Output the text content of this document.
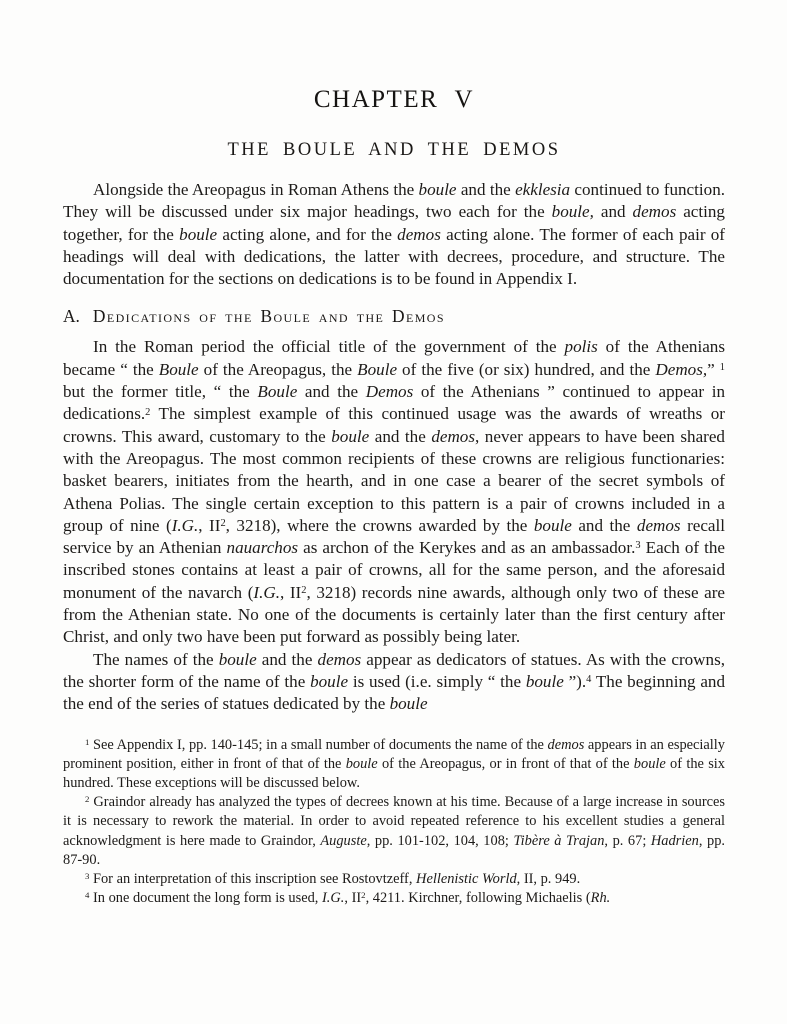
CHAPTER V
THE BOULE AND THE DEMOS

Alongside the Areopagus in Roman Athens the boule and the ekklesia continued to function. They will be discussed under six major headings, two each for the boule, and demos acting together, for the boule acting alone, and for the demos acting alone. The former of each pair of headings will deal with dedications, the latter with decrees, procedure, and structure. The documentation for the sections on dedications is to be found in Appendix I.

A. Dedications of the Boule and the Demos

In the Roman period the official title of the government of the polis of the Athenians became “ the Boule of the Areopagus, the Boule of the five (or six) hundred, and the Demos,” $^1$ but the former title, “ the Boule and the Demos of the Athenians ” continued to appear in dedications.$^2$ The simplest example of this continued usage was the awards of wreaths or crowns. This award, customary to the boule and the demos, never appears to have been shared with the Areopagus. The most common recipients of these crowns are religious functionaries: basket bearers, initiates from the hearth, and in one case a bearer of the secret symbols of Athena Polias. The single certain exception to this pattern is a pair of crowns included in a group of nine (I.G., $II^2$, 3218), where the crowns awarded by the boule and the demos recall service by an Athenian nauarchos as archon of the Kerykes and as an ambassador.$^3$ Each of the inscribed stones contains at least a pair of crowns, all for the same person, and the aforesaid monument of the navarch (I.G., $II^2$, 3218) records nine awards, although only two of these are from the Athenian state. No one of the documents is certainly later than the first century after Christ, and only two have been put forward as possibly being later.

The names of the boule and the demos appear as dedicators of statues. As with the crowns, the shorter form of the name of the boule is used (i.e. simply “ the boule ”).$^4$ The beginning and the end of the series of statues dedicated by the boule

$^1$ See Appendix I, pp. 140-145; in a small number of documents the name of the demos appears in an especially prominent position, either in front of that of the boule of the Areopagus, or in front of that of the boule of the six hundred. These exceptions will be discussed below.

$^2$ Graindor already has analyzed the types of decrees known at his time. Because of a large increase in sources it is necessary to rework the material. In order to avoid repeated reference to his excellent studies a general acknowledgment is here made to Graindor, Auguste, pp. 101-102, 104, 108; Tibère à Trajan, p. 67; Hadrien, pp. 87-90.

$^3$ For an interpretation of this inscription see Rostovtzeff, Hellenistic World, II, p. 949.

$^4$ In one document the long form is used, I.G., $II^2$, 4211. Kirchner, following Michaelis (Rh.
